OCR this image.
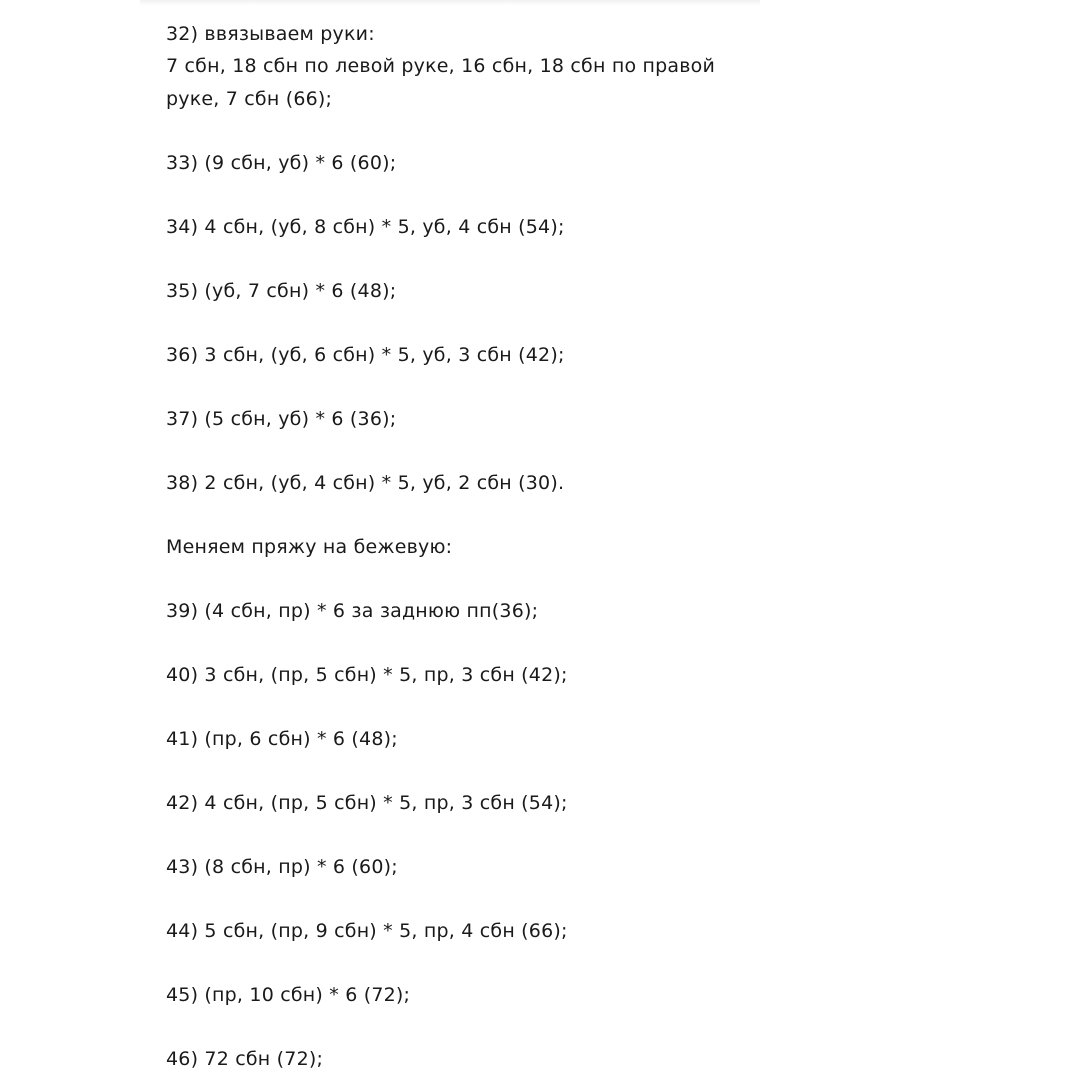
32) ввязываем руки:
7 сбн, 18 сбн по левой руке, 16 сбн, 18 сбн по правой
руке, 7 сбн (66);
33) (9 сбн, уб) * 6 (60);
34) 4 сбн, (уб, 8 сбн) * 5, уб, 4 сбн (54);
35) (уб, 7 сбн) * 6 (48);
36) 3 сбн, (уб, 6 сбн) * 5, уб, 3 сбн (42);
37) (5 сбн, уб) * 6 (36);
38) 2 сбн, (уб, 4 сбн) * 5, уб, 2 сбн (30).
Меняем пряжу на бежевую:
39) (4 сбн, пр) * 6 за заднюю пп(36);
40) 3 сбн, (пр, 5 сбн) * 5, пр, 3 сбн (42);
41) (пр, 6 сбн) * 6 (48);
42) 4 сбн, (пр, 5 сбн) * 5, пр, 3 сбн (54);
43) (8 сбн, пр) * 6 (60);
44) 5 сбн, (пр, 9 сбн) * 5, пр, 4 сбн (66);
45) (пр, 10 сбн) * 6 (72);
46) 72 сбн (72);
